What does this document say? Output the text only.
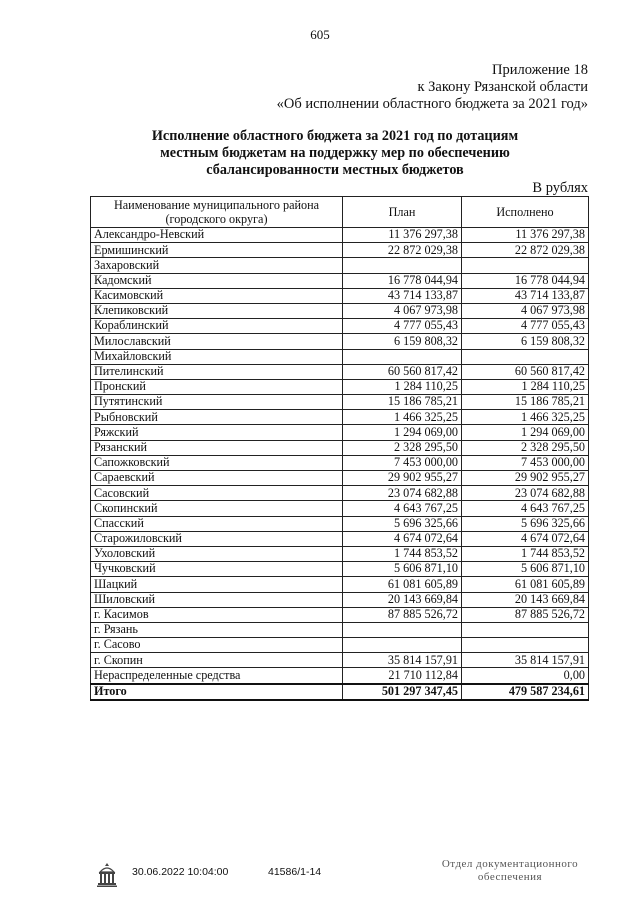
605
Приложение 18
к Закону Рязанской области
«Об исполнении областного бюджета за 2021 год»
Исполнение областного бюджета за 2021 год по дотациям
местным бюджетам на поддержку мер по обеспечению
сбалансированности местных бюджетов
В рублях
Наименование муниципального района (городского округа)	План	Исполнено
Александро-Невский	11 376 297,38	11 376 297,38
Ермишинский	22 872 029,38	22 872 029,38
Захаровский		
Кадомский	16 778 044,94	16 778 044,94
Касимовский	43 714 133,87	43 714 133,87
Клепиковский	4 067 973,98	4 067 973,98
Кораблинский	4 777 055,43	4 777 055,43
Милославский	6 159 808,32	6 159 808,32
Михайловский		
Пителинский	60 560 817,42	60 560 817,42
Пронский	1 284 110,25	1 284 110,25
Путятинский	15 186 785,21	15 186 785,21
Рыбновский	1 466 325,25	1 466 325,25
Ряжский	1 294 069,00	1 294 069,00
Рязанский	2 328 295,50	2 328 295,50
Сапожковский	7 453 000,00	7 453 000,00
Сараевский	29 902 955,27	29 902 955,27
Сасовский	23 074 682,88	23 074 682,88
Скопинский	4 643 767,25	4 643 767,25
Спасский	5 696 325,66	5 696 325,66
Старожиловский	4 674 072,64	4 674 072,64
Ухоловский	1 744 853,52	1 744 853,52
Чучковский	5 606 871,10	5 606 871,10
Шацкий	61 081 605,89	61 081 605,89
Шиловский	20 143 669,84	20 143 669,84
г. Касимов	87 885 526,72	87 885 526,72
г. Рязань		
г. Сасово		
г. Скопин	35 814 157,91	35 814 157,91
Нераспределенные средства	21 710 112,84	0,00
Итого	501 297 347,45	479 587 234,61
30.06.2022 10:04:00	41586/1-14
Отдел документационного
обеспечения
